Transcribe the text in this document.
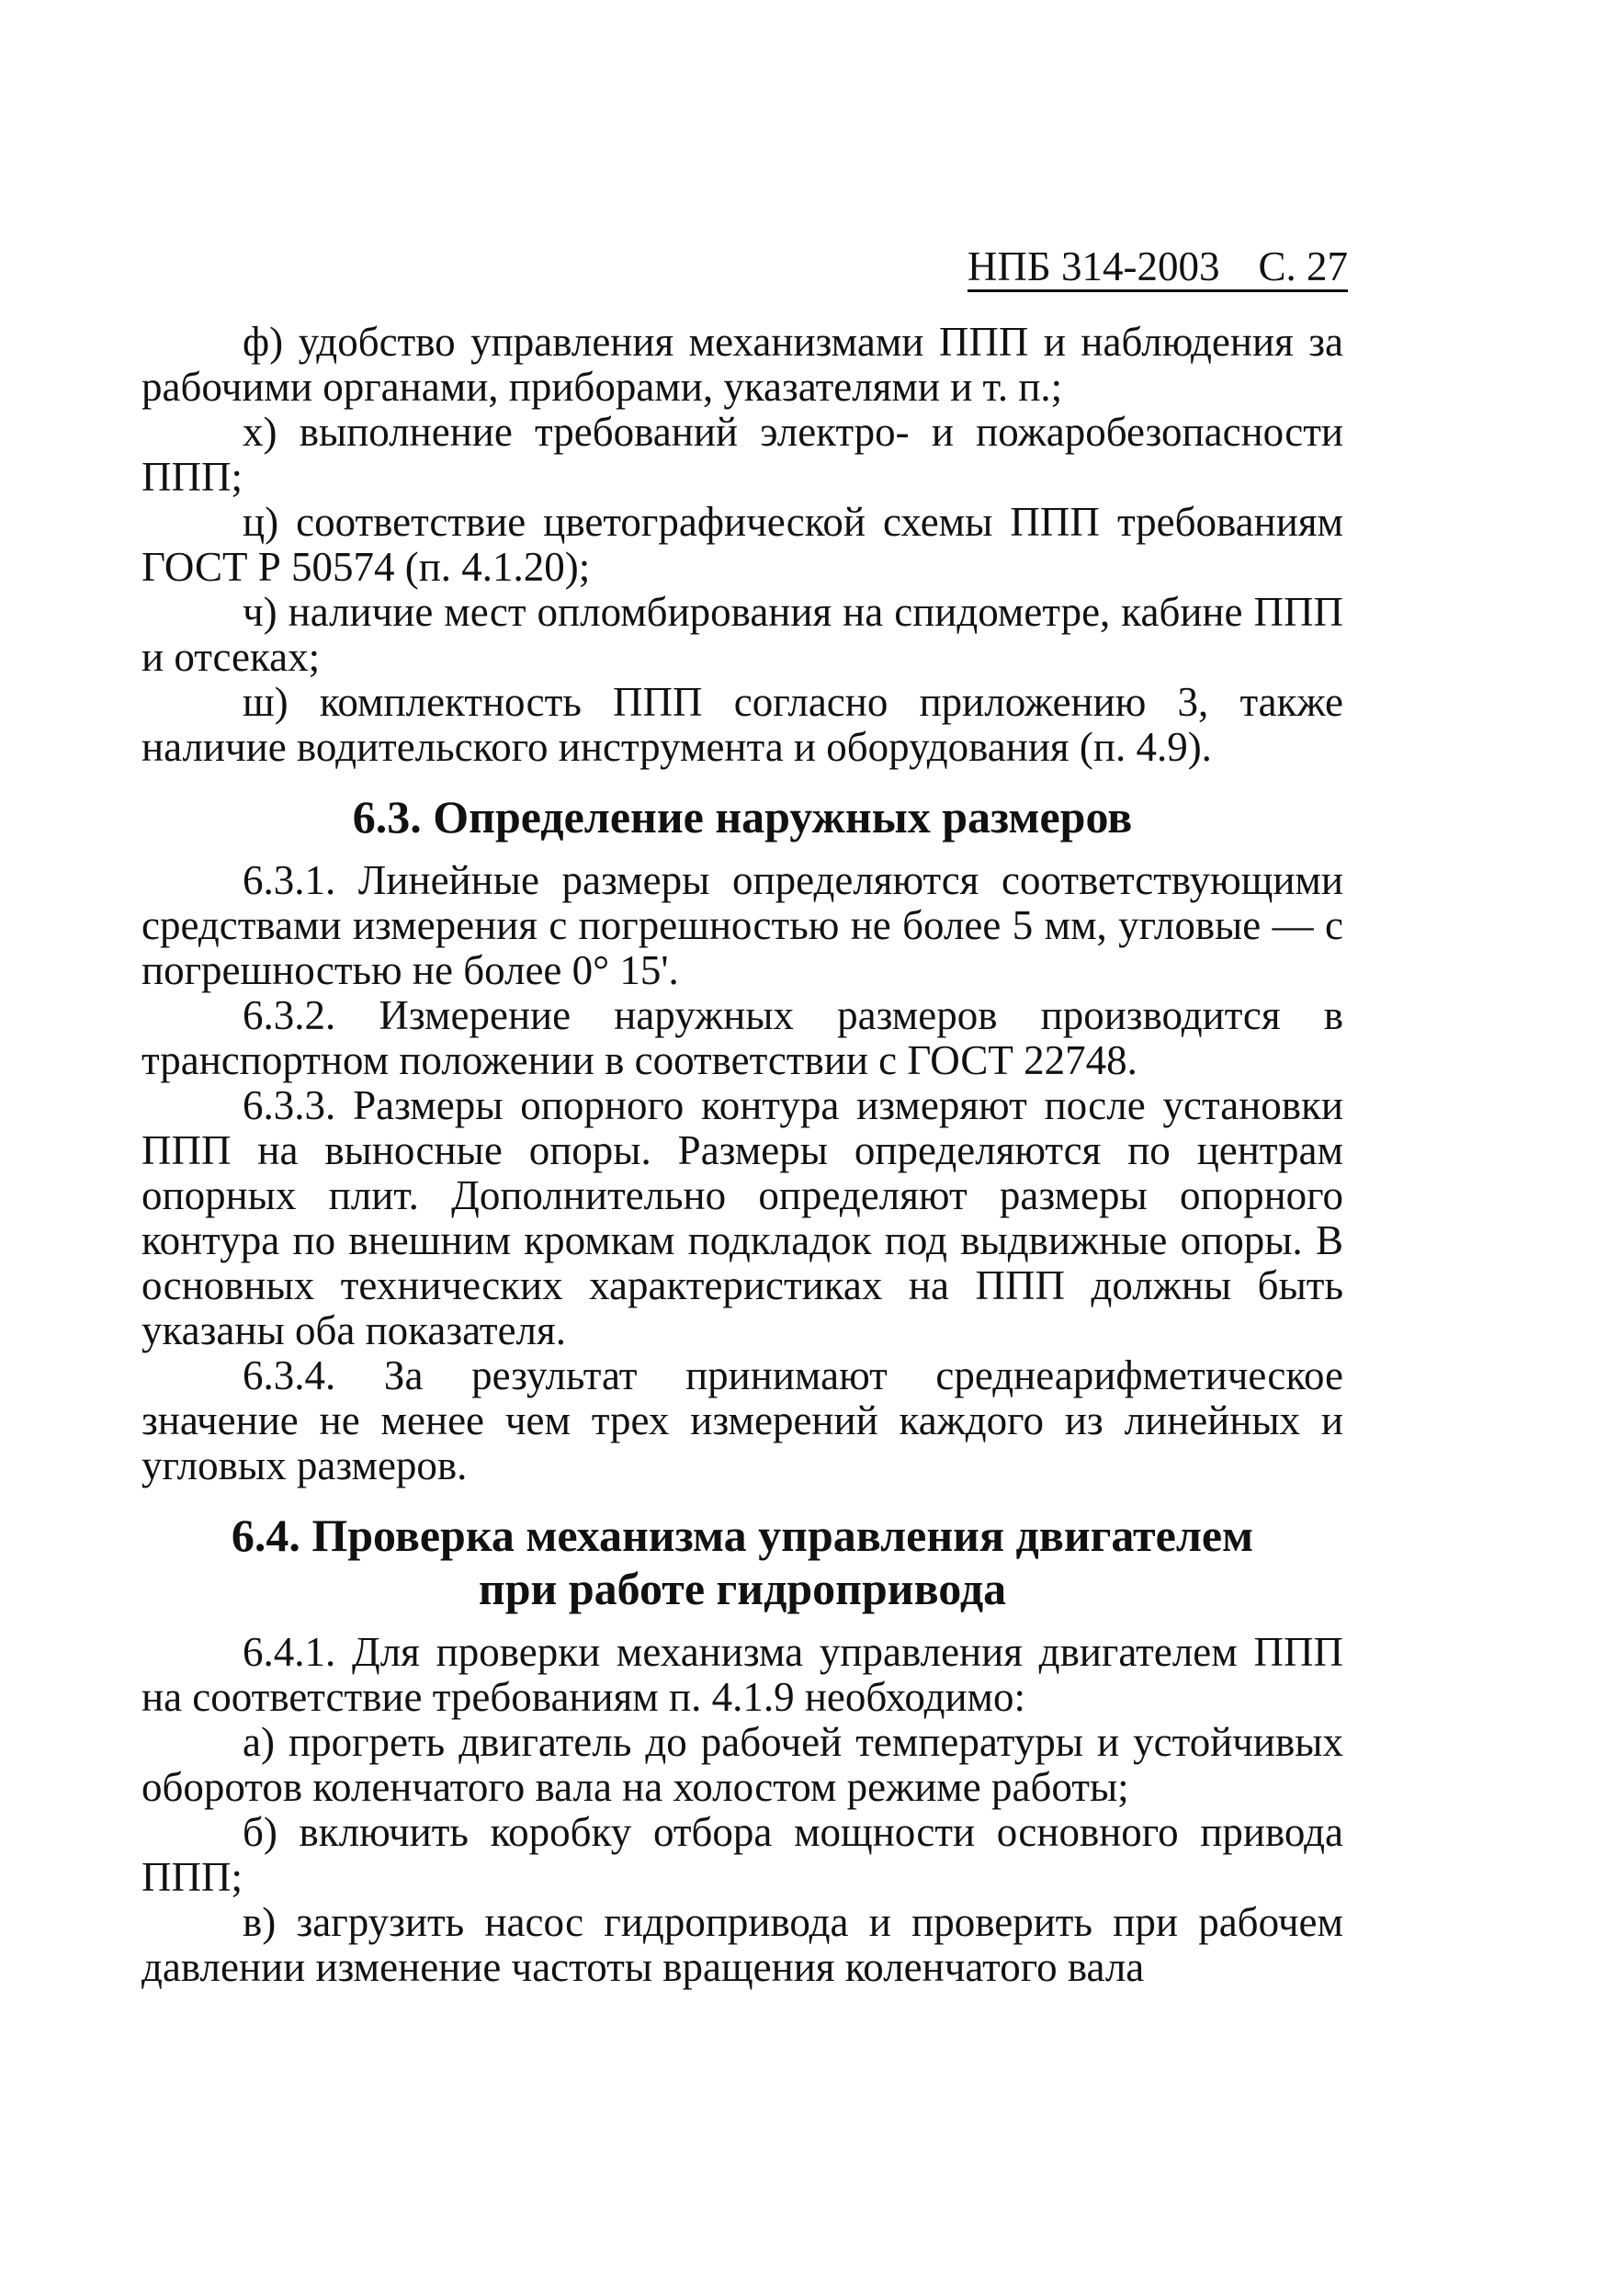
НПБ 314-2003 С. 27

ф) удобство управления механизмами ППП и наблюдения за рабочими органами, приборами, указателями и т. п.;

х) выполнение требований электро- и пожаробезопасности ППП;

ц) соответствие цветографической схемы ППП требованиям ГОСТ Р 50574 (п. 4.1.20);

ч) наличие мест опломбирования на спидометре, кабине ППП и отсеках;

ш) комплектность ППП согласно приложению 3, также наличие водительского инструмента и оборудования (п. 4.9).

6.3. Определение наружных размеров

6.3.1. Линейные размеры определяются соответствующими средствами измерения с погрешностью не более 5 мм, угловые — с погрешностью не более 0° 15'.

6.3.2. Измерение наружных размеров производится в транспортном положении в соответствии с ГОСТ 22748.

6.3.3. Размеры опорного контура измеряют после установки ППП на выносные опоры. Размеры определяются по центрам опорных плит. Дополнительно определяют размеры опорного контура по внешним кромкам подкладок под выдвижные опоры. В основных технических характеристиках на ППП должны быть указаны оба показателя.

6.3.4. За результат принимают среднеарифметическое значение не менее чем трех измерений каждого из линейных и угловых размеров.

6.4. Проверка механизма управления двигателем
при работе гидропривода

6.4.1. Для проверки механизма управления двигателем ППП на соответствие требованиям п. 4.1.9 необходимо:

а) прогреть двигатель до рабочей температуры и устойчивых оборотов коленчатого вала на холостом режиме работы;

б) включить коробку отбора мощности основного привода ППП;

в) загрузить насос гидропривода и проверить при рабочем давлении изменение частоты вращения коленчатого вала
